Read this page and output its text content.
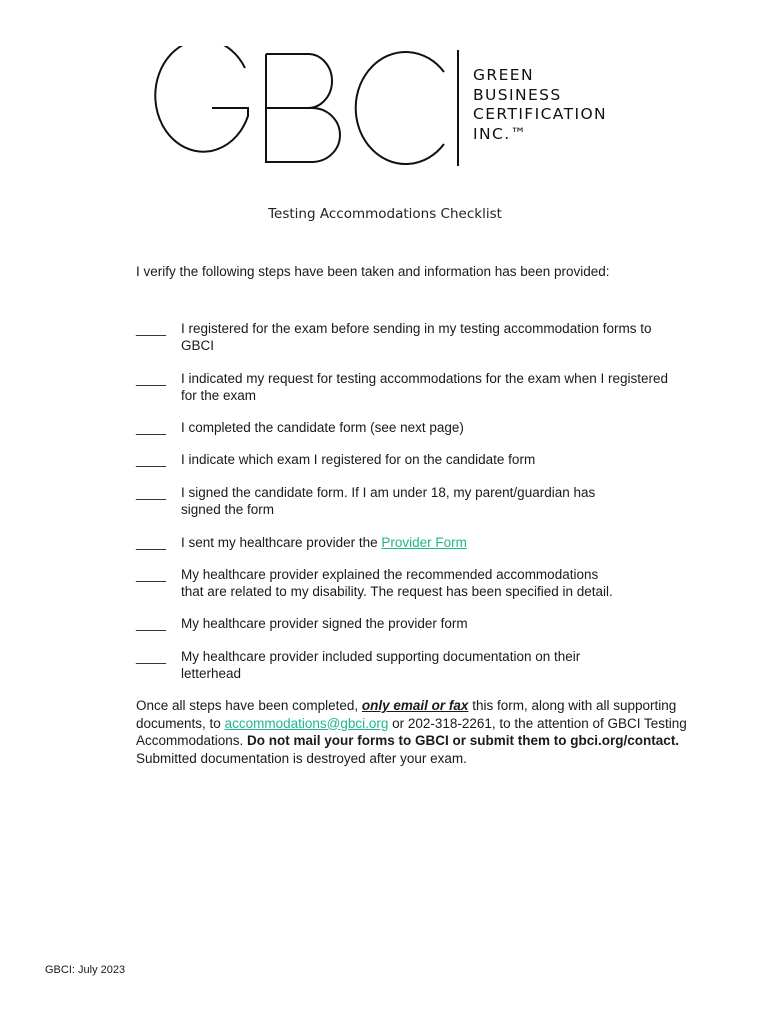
GREEN
BUSINESS
CERTIFICATION
INC.™
Testing Accommodations Checklist
I verify the following steps have been taken and information has been provided:
____ I registered for the exam before sending in my testing accommodation forms to
GBCI
____ I indicated my request for testing accommodations for the exam when I registered
for the exam
____ I completed the candidate form (see next page)
____ I indicate which exam I registered for on the candidate form
____ I signed the candidate form. If I am under 18, my parent/guardian has
signed the form
____ I sent my healthcare provider the Provider Form
____ My healthcare provider explained the recommended accommodations
that are related to my disability. The request has been specified in detail.
____ My healthcare provider signed the provider form
____ My healthcare provider included supporting documentation on their
letterhead
Once all steps have been completed, only email or fax this form, along with all supporting documents, to accommodations@gbci.org or 202-318-2261, to the attention of GBCI Testing Accommodations. Do not mail your forms to GBCI or submit them to gbci.org/contact. Submitted documentation is destroyed after your exam.
GBCI: July 2023
